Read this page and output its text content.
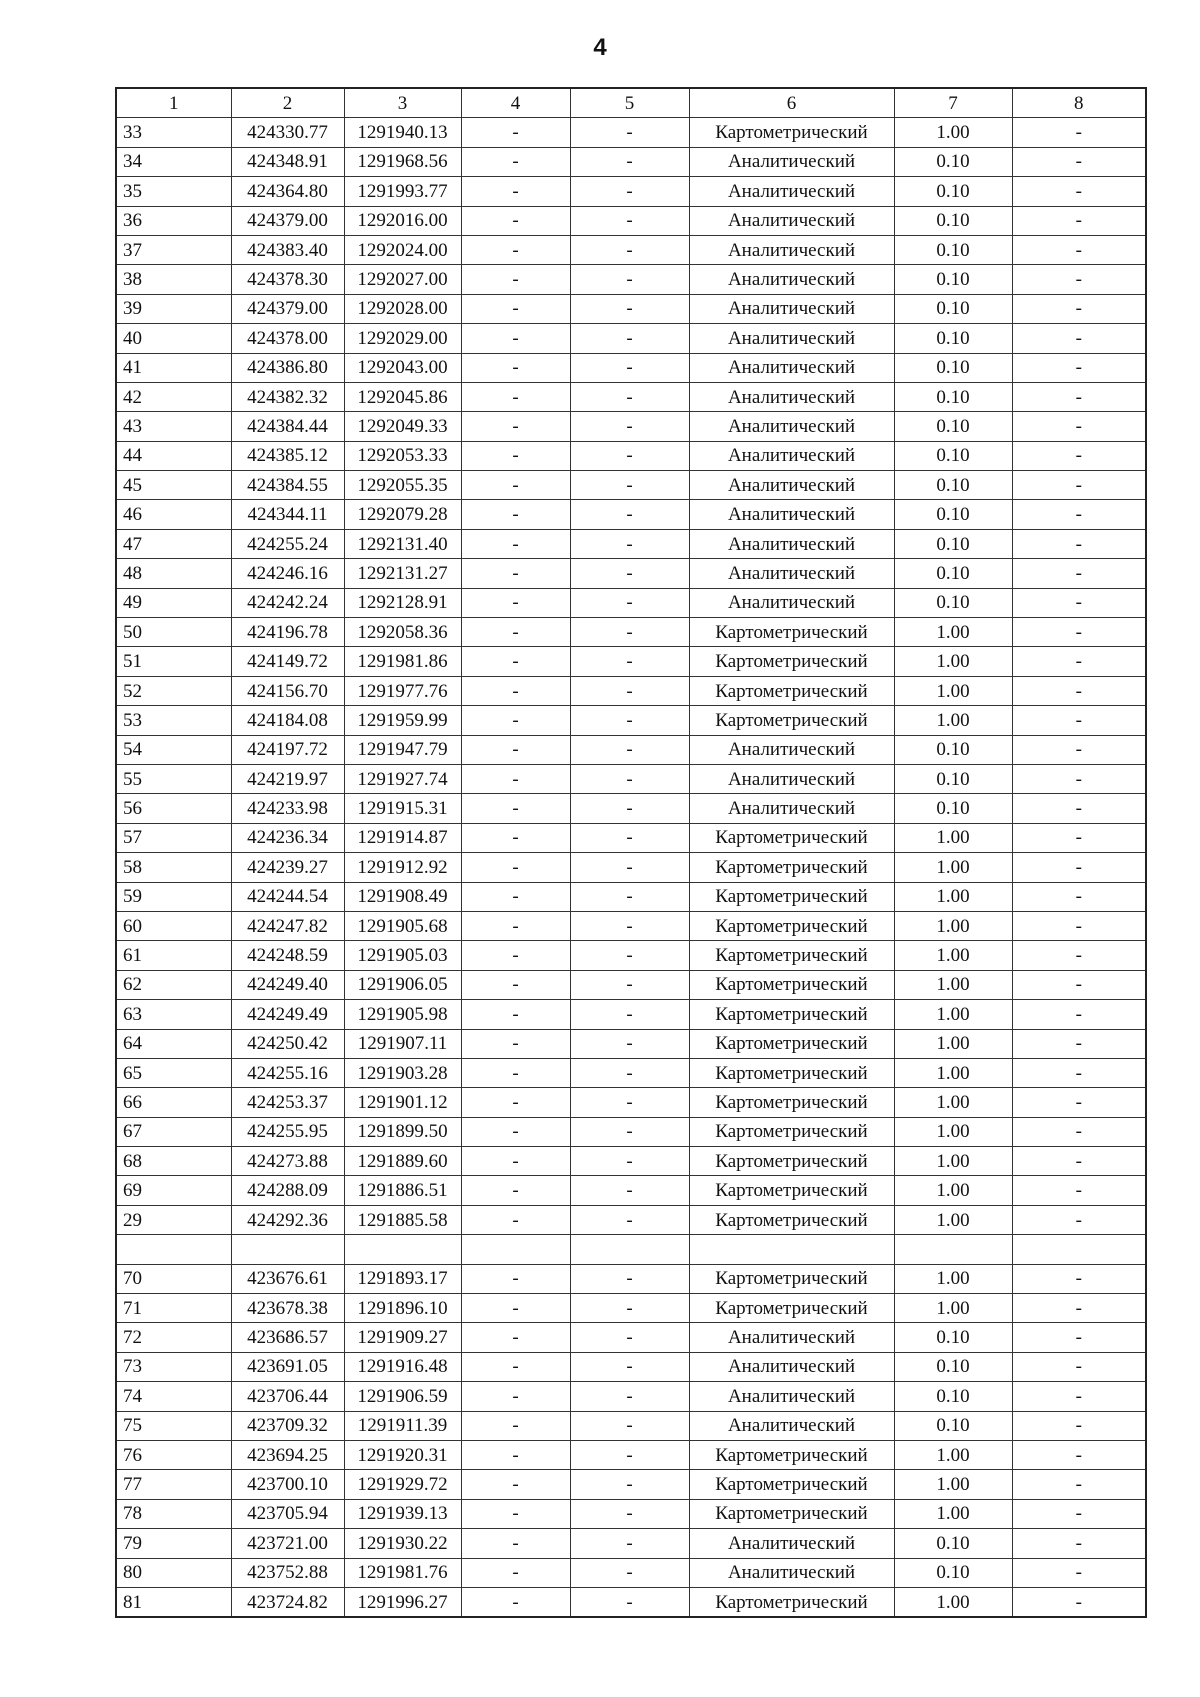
4
1	2	3	4	5	6	7	8
33	424330.77	1291940.13	-	-	Картометрический	1.00	-
34	424348.91	1291968.56	-	-	Аналитический	0.10	-
35	424364.80	1291993.77	-	-	Аналитический	0.10	-
36	424379.00	1292016.00	-	-	Аналитический	0.10	-
37	424383.40	1292024.00	-	-	Аналитический	0.10	-
38	424378.30	1292027.00	-	-	Аналитический	0.10	-
39	424379.00	1292028.00	-	-	Аналитический	0.10	-
40	424378.00	1292029.00	-	-	Аналитический	0.10	-
41	424386.80	1292043.00	-	-	Аналитический	0.10	-
42	424382.32	1292045.86	-	-	Аналитический	0.10	-
43	424384.44	1292049.33	-	-	Аналитический	0.10	-
44	424385.12	1292053.33	-	-	Аналитический	0.10	-
45	424384.55	1292055.35	-	-	Аналитический	0.10	-
46	424344.11	1292079.28	-	-	Аналитический	0.10	-
47	424255.24	1292131.40	-	-	Аналитический	0.10	-
48	424246.16	1292131.27	-	-	Аналитический	0.10	-
49	424242.24	1292128.91	-	-	Аналитический	0.10	-
50	424196.78	1292058.36	-	-	Картометрический	1.00	-
51	424149.72	1291981.86	-	-	Картометрический	1.00	-
52	424156.70	1291977.76	-	-	Картометрический	1.00	-
53	424184.08	1291959.99	-	-	Картометрический	1.00	-
54	424197.72	1291947.79	-	-	Аналитический	0.10	-
55	424219.97	1291927.74	-	-	Аналитический	0.10	-
56	424233.98	1291915.31	-	-	Аналитический	0.10	-
57	424236.34	1291914.87	-	-	Картометрический	1.00	-
58	424239.27	1291912.92	-	-	Картометрический	1.00	-
59	424244.54	1291908.49	-	-	Картометрический	1.00	-
60	424247.82	1291905.68	-	-	Картометрический	1.00	-
61	424248.59	1291905.03	-	-	Картометрический	1.00	-
62	424249.40	1291906.05	-	-	Картометрический	1.00	-
63	424249.49	1291905.98	-	-	Картометрический	1.00	-
64	424250.42	1291907.11	-	-	Картометрический	1.00	-
65	424255.16	1291903.28	-	-	Картометрический	1.00	-
66	424253.37	1291901.12	-	-	Картометрический	1.00	-
67	424255.95	1291899.50	-	-	Картометрический	1.00	-
68	424273.88	1291889.60	-	-	Картометрический	1.00	-
69	424288.09	1291886.51	-	-	Картометрический	1.00	-
29	424292.36	1291885.58	-	-	Картометрический	1.00	-

70	423676.61	1291893.17	-	-	Картометрический	1.00	-
71	423678.38	1291896.10	-	-	Картометрический	1.00	-
72	423686.57	1291909.27	-	-	Аналитический	0.10	-
73	423691.05	1291916.48	-	-	Аналитический	0.10	-
74	423706.44	1291906.59	-	-	Аналитический	0.10	-
75	423709.32	1291911.39	-	-	Аналитический	0.10	-
76	423694.25	1291920.31	-	-	Картометрический	1.00	-
77	423700.10	1291929.72	-	-	Картометрический	1.00	-
78	423705.94	1291939.13	-	-	Картометрический	1.00	-
79	423721.00	1291930.22	-	-	Аналитический	0.10	-
80	423752.88	1291981.76	-	-	Аналитический	0.10	-
81	423724.82	1291996.27	-	-	Картометрический	1.00	-
